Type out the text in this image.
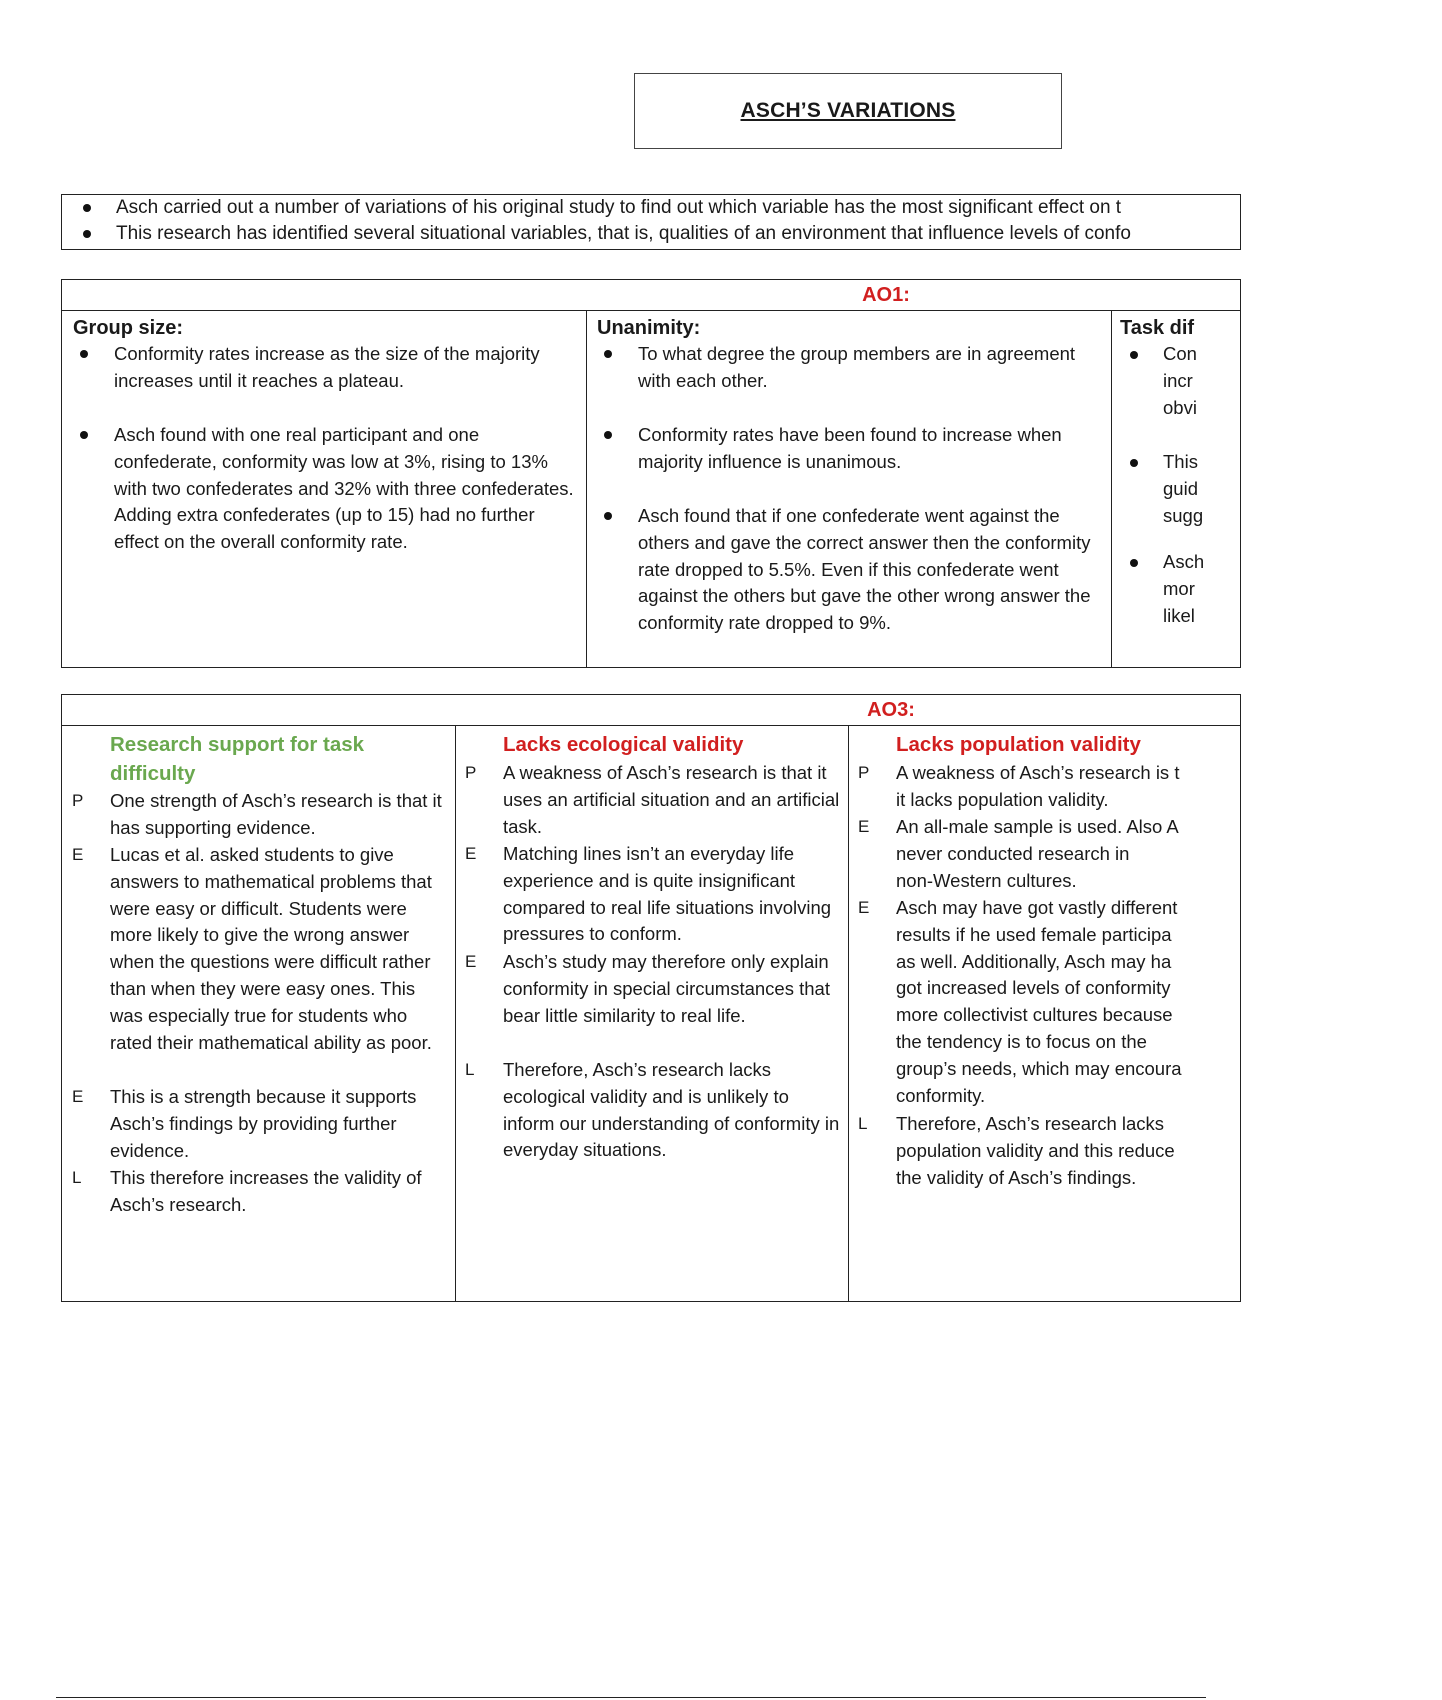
ASCH’S VARIATIONS
Asch carried out a number of variations of his original study to find out which variable has the most significant effect on t
This research has identified several situational variables, that is, qualities of an environment that influence levels of confo
AO1:
Group size:
Conformity rates increase as the size of the majority increases until it reaches a plateau.
Asch found with one real participant and one confederate, conformity was low at 3%, rising to 13% with two confederates and 32% with three confederates. Adding extra confederates (up to 15) had no further effect on the overall conformity rate.
Unanimity:
To what degree the group members are in agreement with each other.
Conformity rates have been found to increase when majority influence is unanimous.
Asch found that if one confederate went against the others and gave the correct answer then the conformity rate dropped to 5.5%. Even if this confederate went against the others but gave the other wrong answer the conformity rate dropped to 9%.
Task dif
Con
incr
obvi
This
guid
sugg
Asch
mor
likel
AO3:
Research support for task difficulty
P One strength of Asch’s research is that it has supporting evidence.
E Lucas et al. asked students to give answers to mathematical problems that were easy or difficult. Students were more likely to give the wrong answer when the questions were difficult rather than when they were easy ones. This was especially true for students who rated their mathematical ability as poor.
E This is a strength because it supports Asch’s findings by providing further evidence.
L This therefore increases the validity of Asch’s research.
Lacks ecological validity
P A weakness of Asch’s research is that it uses an artificial situation and an artificial task.
E Matching lines isn’t an everyday life experience and is quite insignificant compared to real life situations involving pressures to conform.
E Asch’s study may therefore only explain conformity in special circumstances that bear little similarity to real life.
L Therefore, Asch’s research lacks ecological validity and is unlikely to inform our understanding of conformity in everyday situations.
Lacks population validity
P A weakness of Asch’s research is t
it lacks population validity.
E An all-male sample is used. Also A
never conducted research in
non-Western cultures.
E Asch may have got vastly different
results if he used female participa
as well. Additionally, Asch may ha
got increased levels of conformity
more collectivist cultures because
the tendency is to focus on the
group’s needs, which may encoura
conformity.
L Therefore, Asch’s research lacks
population validity and this reduce
the validity of Asch’s findings.
